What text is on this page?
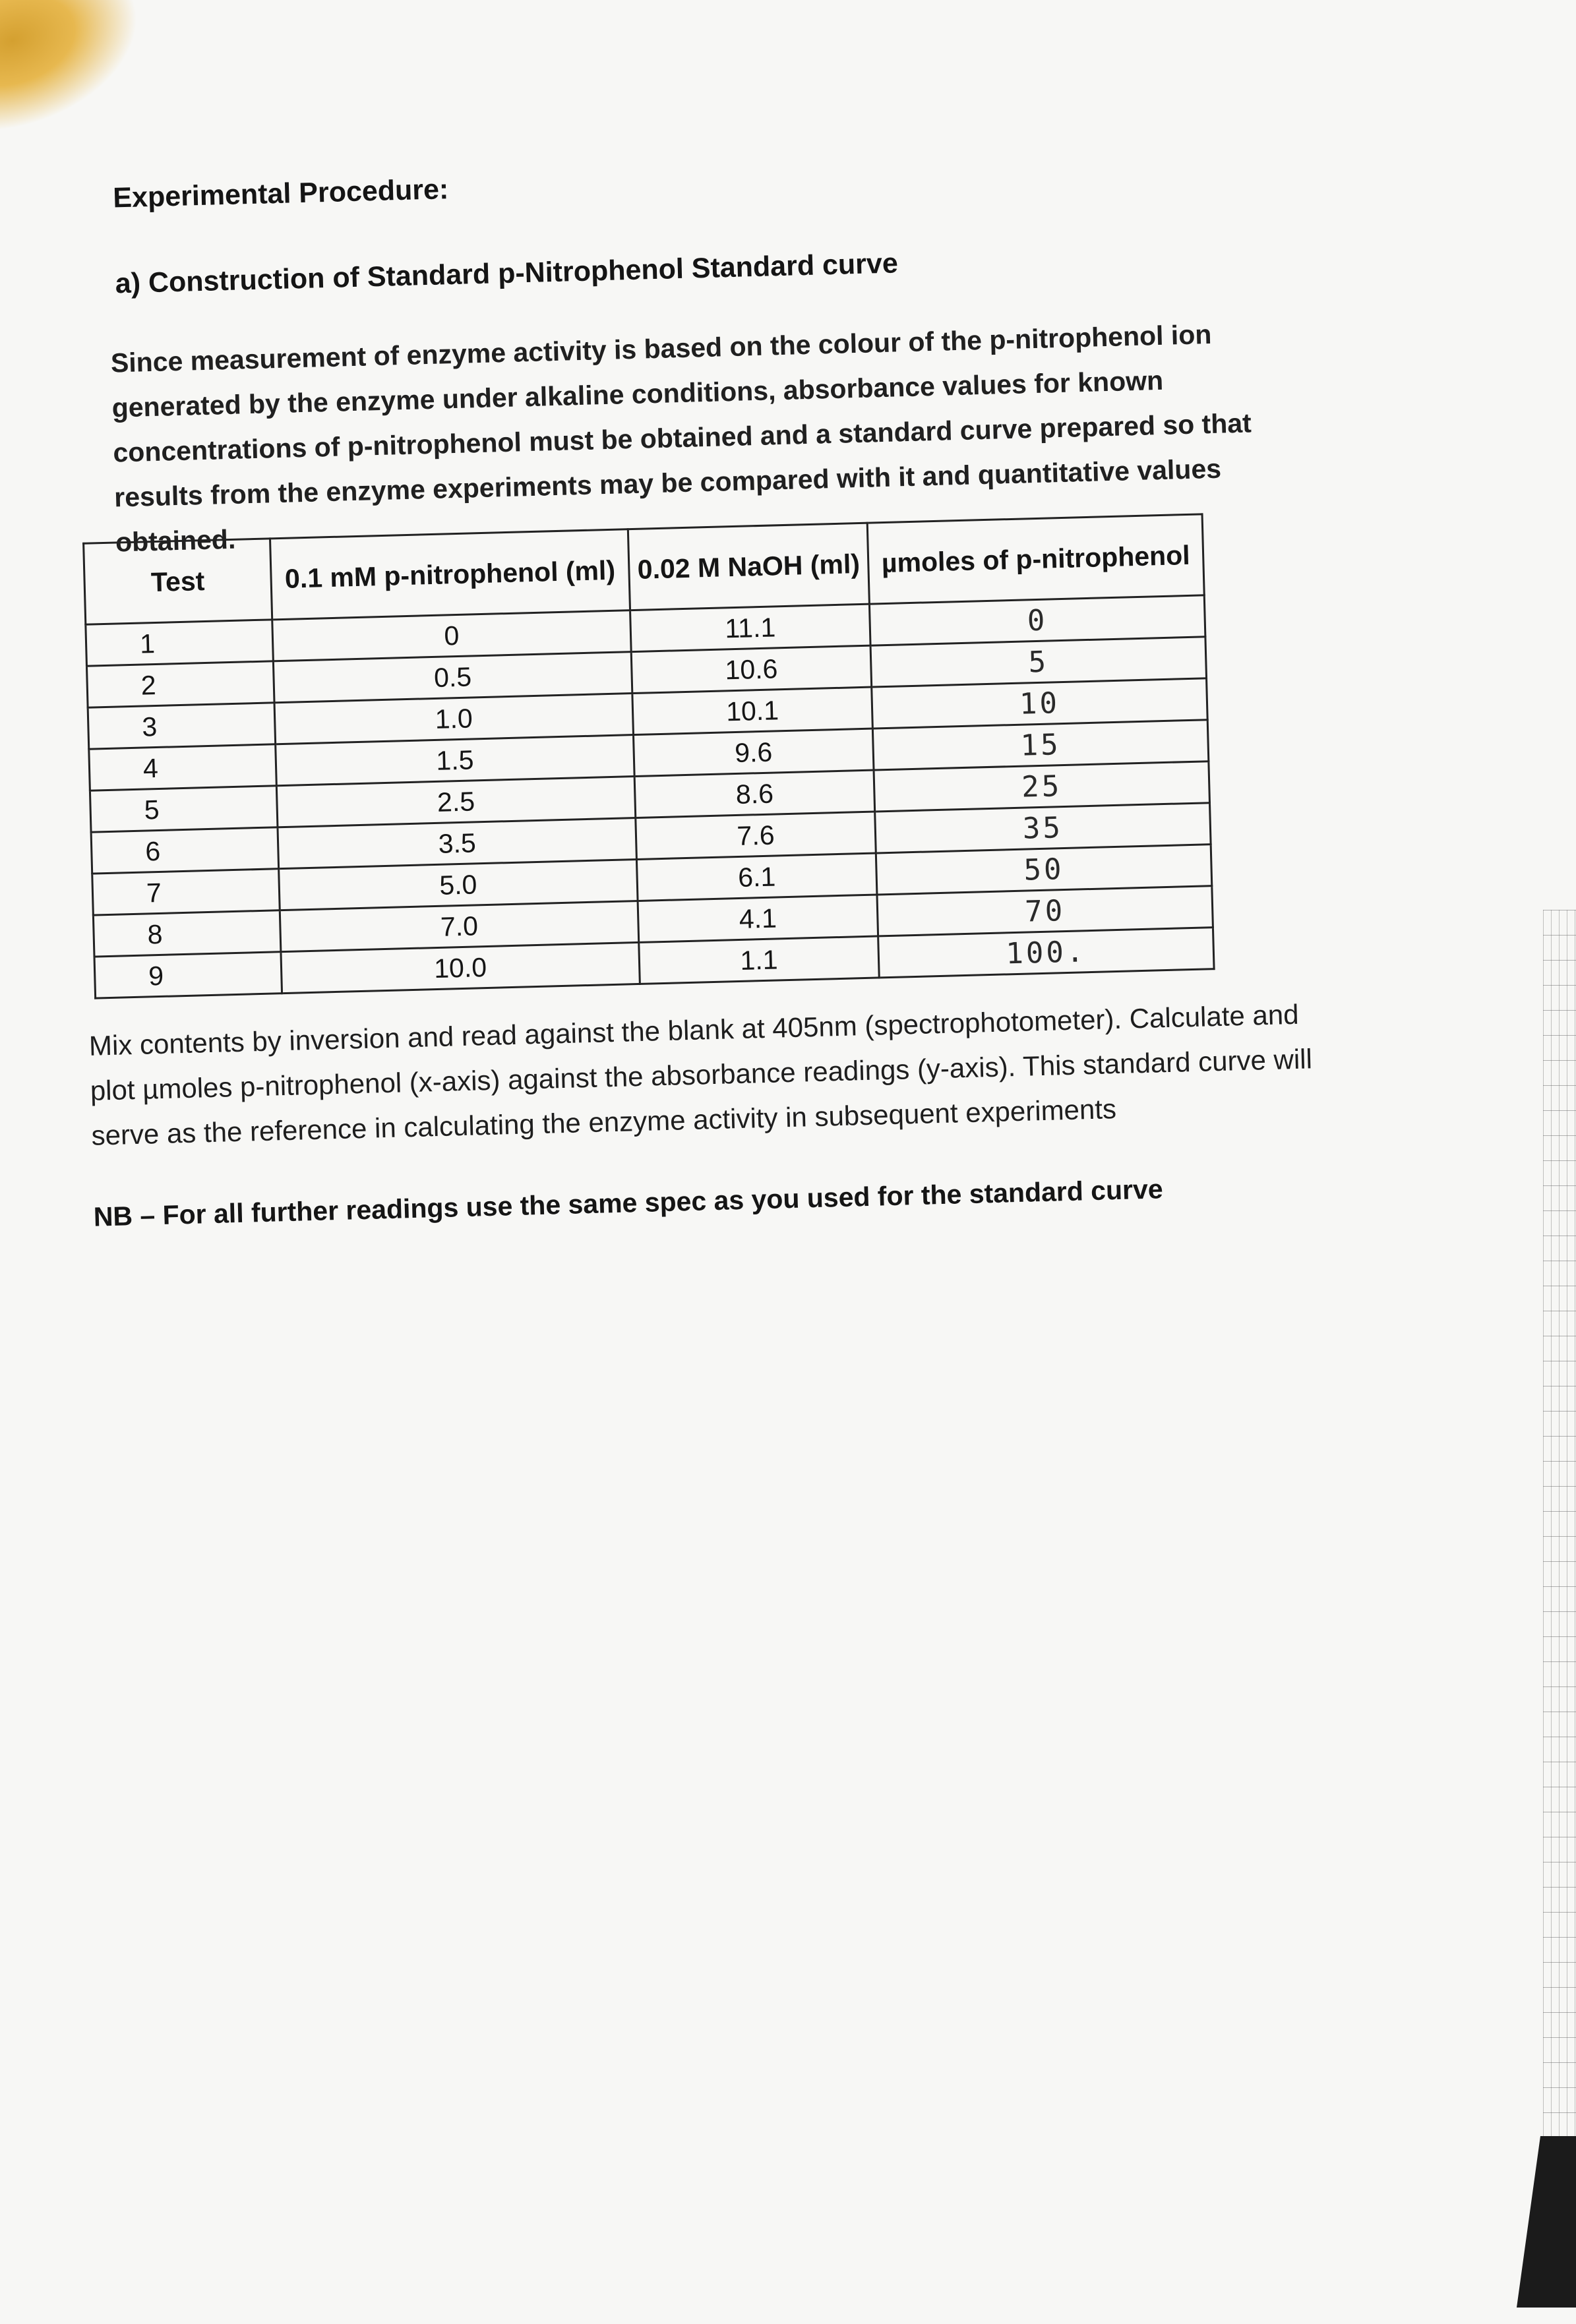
Experimental Procedure:
a) Construction of Standard p-Nitrophenol Standard curve
Since measurement of enzyme activity is based on the colour of the p-nitrophenol ion generated by the enzyme under alkaline conditions, absorbance values for known concentrations of p-nitrophenol must be obtained and a standard curve prepared so that results from the enzyme experiments may be compared with it and quantitative values obtained.
Test	0.1 mM p-nitrophenol (ml)	0.02 M NaOH (ml)	µmoles of p-nitrophenol
1	0	11.1	0
2	0.5	10.6	5
3	1.0	10.1	10
4	1.5	9.6	15
5	2.5	8.6	25
6	3.5	7.6	35
7	5.0	6.1	50
8	7.0	4.1	70
9	10.0	1.1	100.
Mix contents by inversion and read against the blank at 405nm (spectrophotometer). Calculate and plot µmoles p-nitrophenol (x-axis) against the absorbance readings (y-axis). This standard curve will serve as the reference in calculating the enzyme activity in subsequent experiments
NB – For all further readings use the same spec as you used for the standard curve
